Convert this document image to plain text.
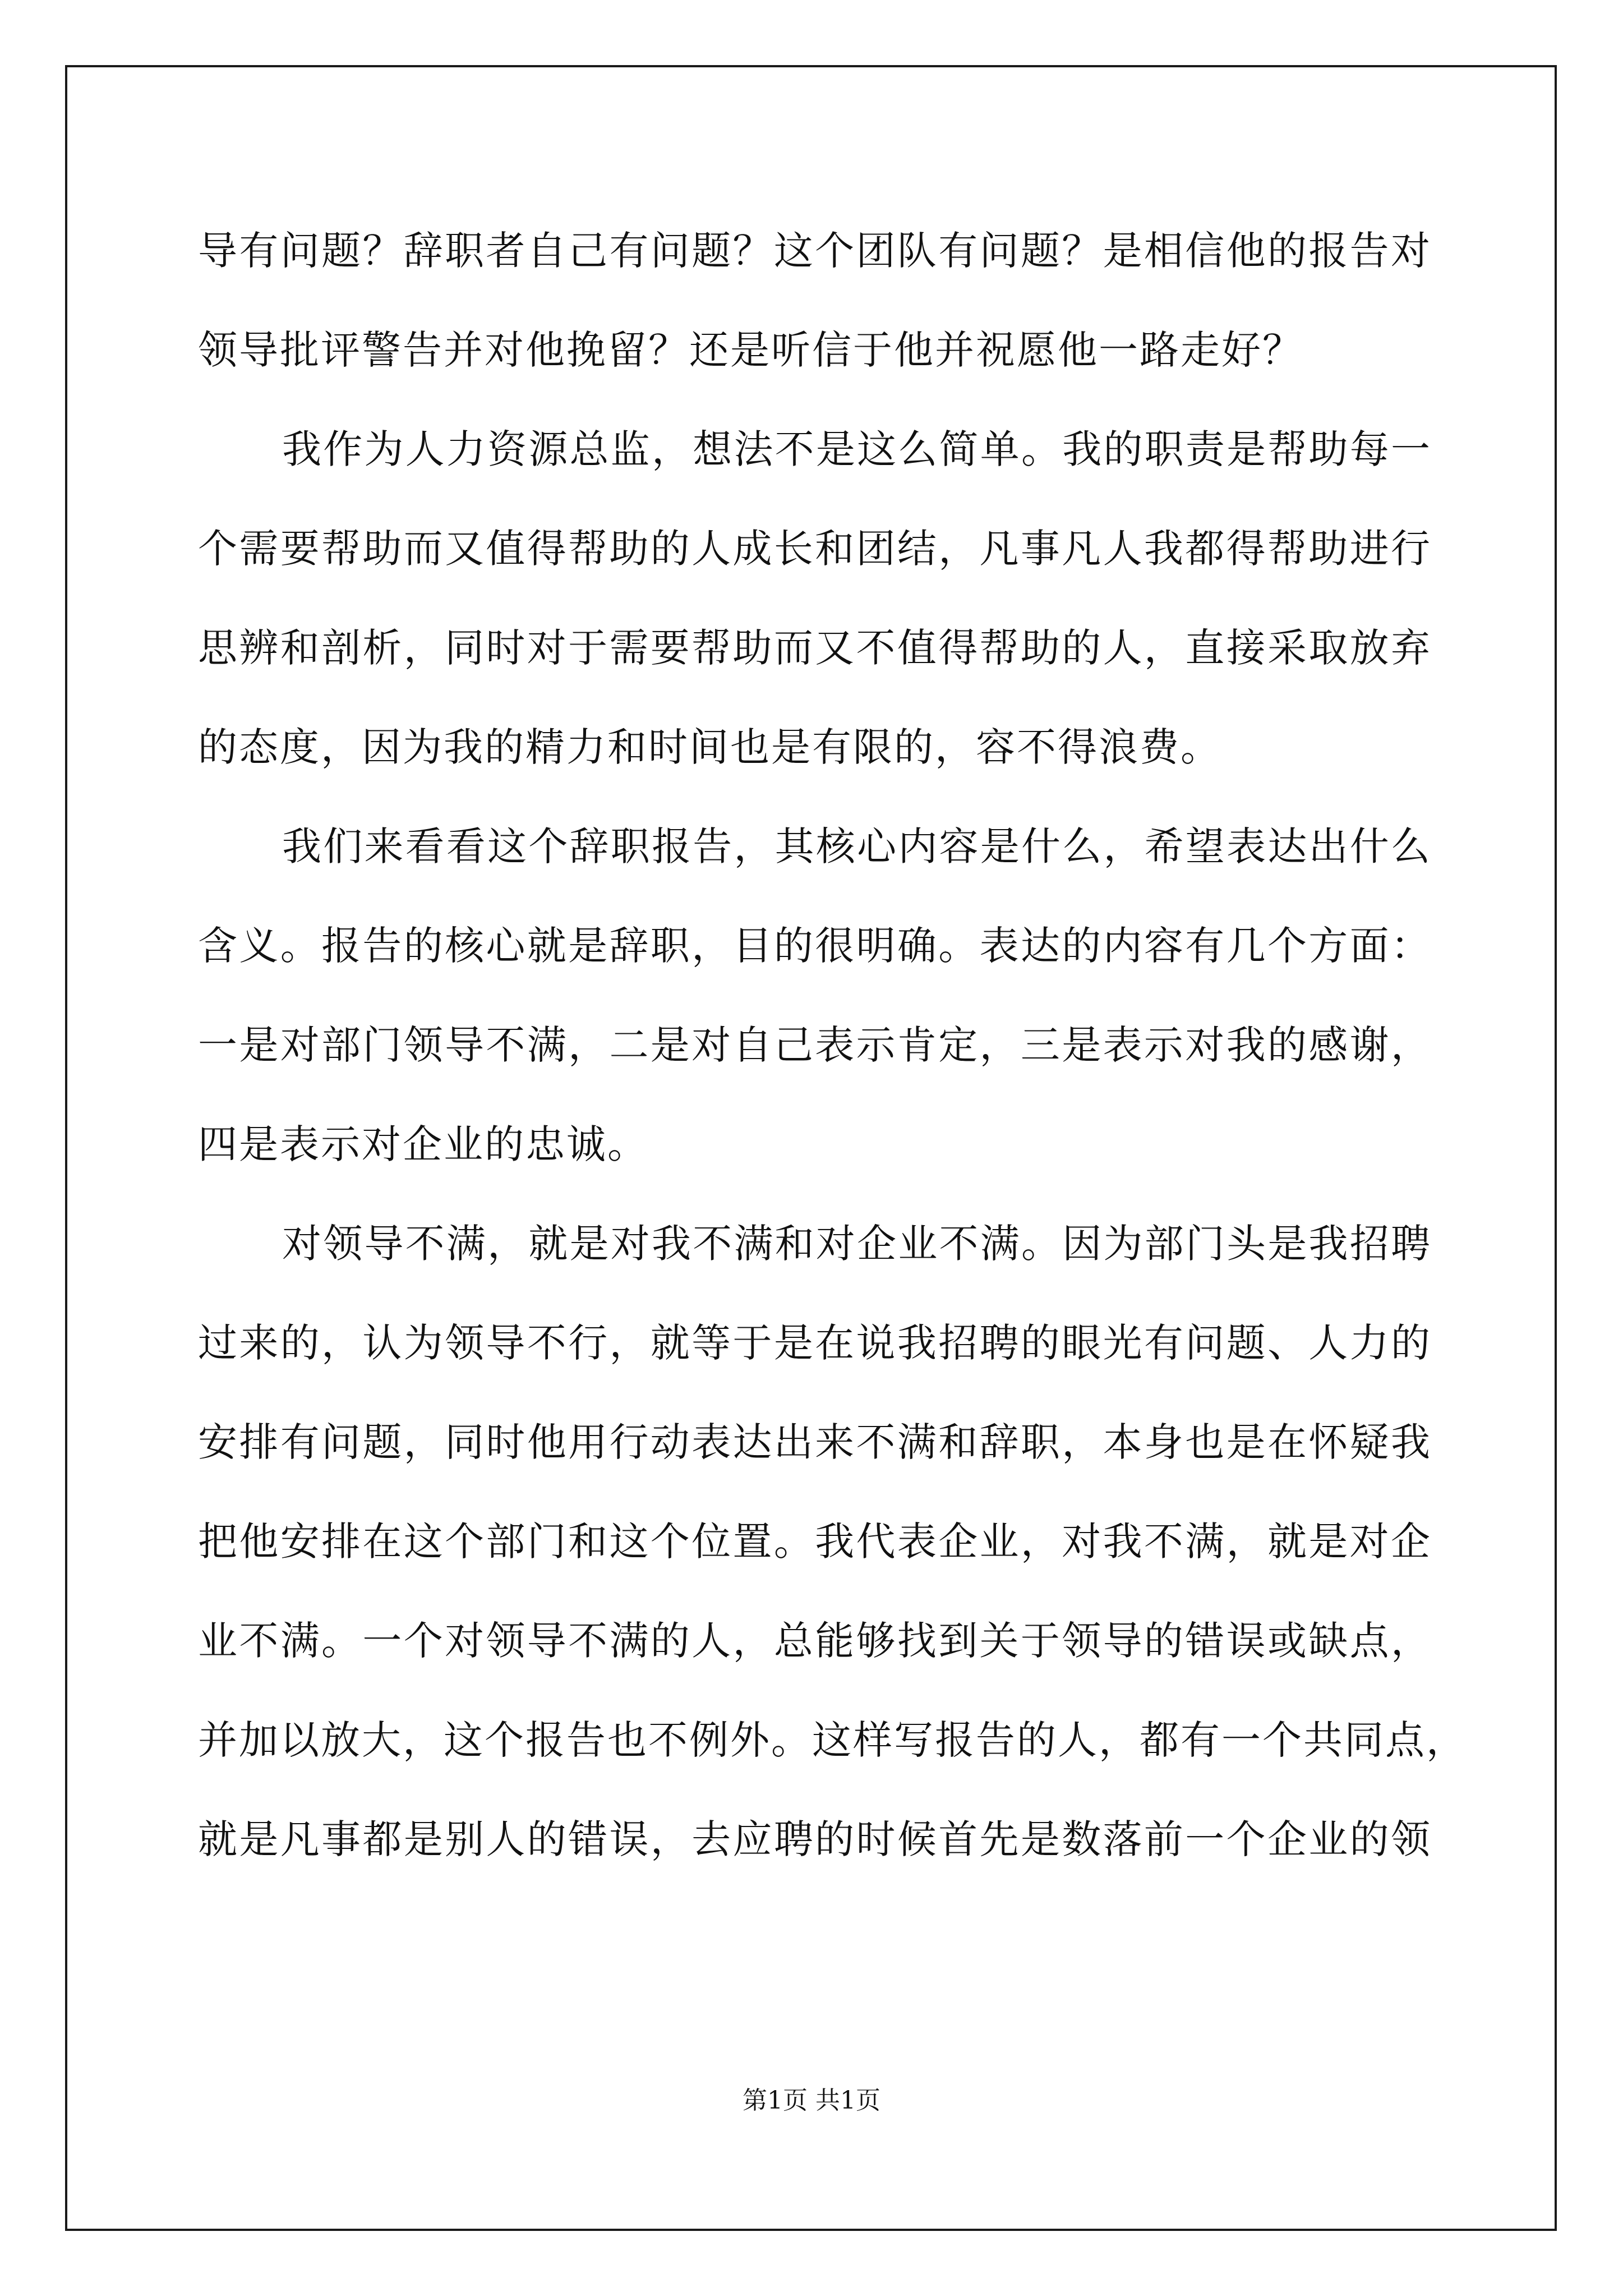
导有问题？辞职者自己有问题？这个团队有问题？是相信他的报告对
领导批评警告并对他挽留？还是听信于他并祝愿他一路走好？
我作为人力资源总监，想法不是这么简单。我的职责是帮助每一
个需要帮助而又值得帮助的人成长和团结，凡事凡人我都得帮助进行
思辨和剖析，同时对于需要帮助而又不值得帮助的人，直接采取放弃
的态度，因为我的精力和时间也是有限的，容不得浪费。
我们来看看这个辞职报告，其核心内容是什么，希望表达出什么
含义。报告的核心就是辞职，目的很明确。表达的内容有几个方面：
一是对部门领导不满，二是对自己表示肯定，三是表示对我的感谢，
四是表示对企业的忠诚。
对领导不满，就是对我不满和对企业不满。因为部门头是我招聘
过来的，认为领导不行，就等于是在说我招聘的眼光有问题、人力的
安排有问题，同时他用行动表达出来不满和辞职，本身也是在怀疑我
把他安排在这个部门和这个位置。我代表企业，对我不满，就是对企
业不满。一个对领导不满的人，总能够找到关于领导的错误或缺点，
并加以放大，这个报告也不例外。这样写报告的人，都有一个共同点，
就是凡事都是别人的错误，去应聘的时候首先是数落前一个企业的领
第1页 共1页
